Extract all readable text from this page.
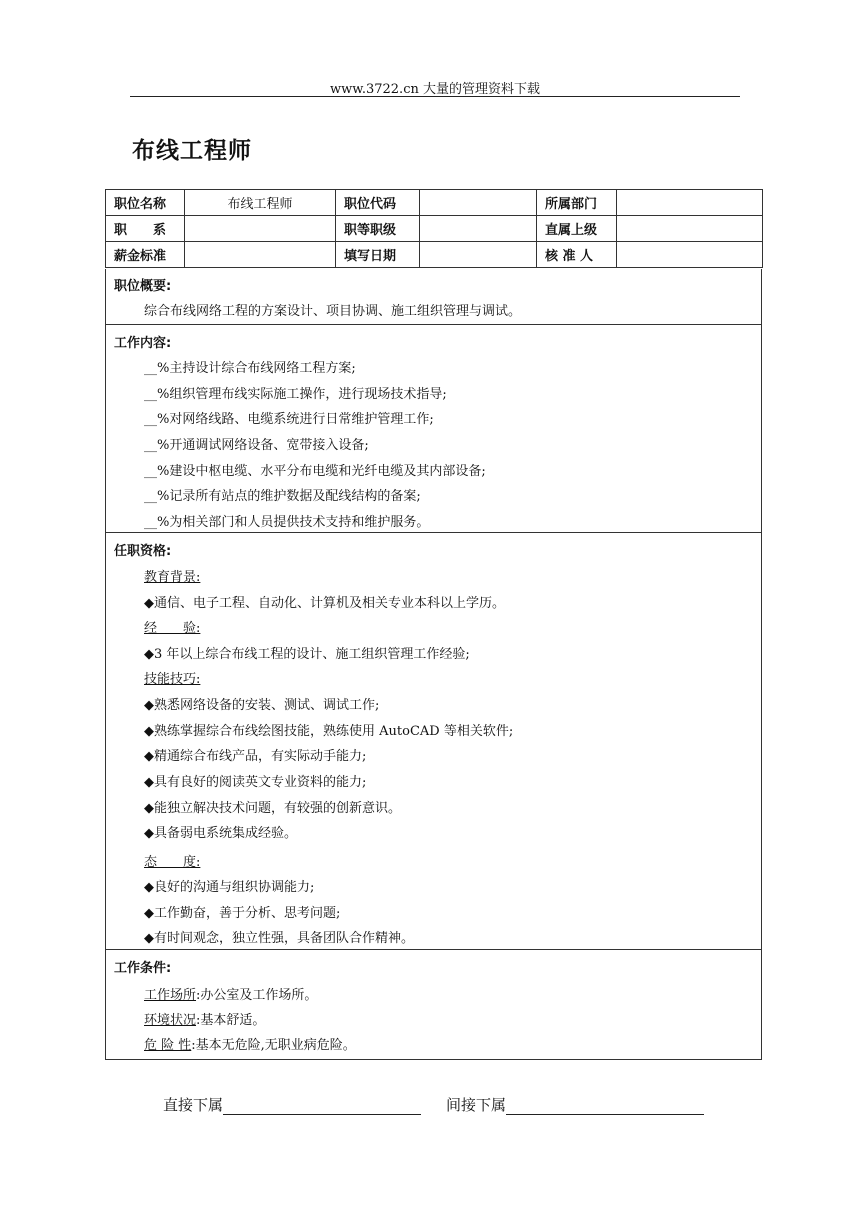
www.3722.cn 大量的管理资料下载
布线工程师
职位名称	布线工程师	职位代码		所属部门	
职　　系		职等职级		直属上级	
薪金标准		填写日期		核 准 人	
职位概要:
综合布线网络工程的方案设计、项目协调、施工组织管理与调试。
工作内容:
__%主持设计综合布线网络工程方案;
__%组织管理布线实际施工操作，进行现场技术指导;
__%对网络线路、电缆系统进行日常维护管理工作;
__%开通调试网络设备、宽带接入设备;
__%建设中枢电缆、水平分布电缆和光纤电缆及其内部设备;
__%记录所有站点的维护数据及配线结构的备案;
__%为相关部门和人员提供技术支持和维护服务。
任职资格:
教育背景:
◆通信、电子工程、自动化、计算机及相关专业本科以上学历。
经　　验:
◆3 年以上综合布线工程的设计、施工组织管理工作经验;
技能技巧:
◆熟悉网络设备的安装、测试、调试工作;
◆熟练掌握综合布线绘图技能，熟练使用 AutoCAD 等相关软件;
◆精通综合布线产品，有实际动手能力;
◆具有良好的阅读英文专业资料的能力;
◆能独立解决技术问题，有较强的创新意识。
◆具备弱电系统集成经验。
态　　度:
◆良好的沟通与组织协调能力;
◆工作勤奋，善于分析、思考问题;
◆有时间观念，独立性强，具备团队合作精神。
工作条件:
工作场所:办公室及工作场所。
环境状况:基本舒适。
危 险 性:基本无危险,无职业病危险。
直接下属	间接下属
